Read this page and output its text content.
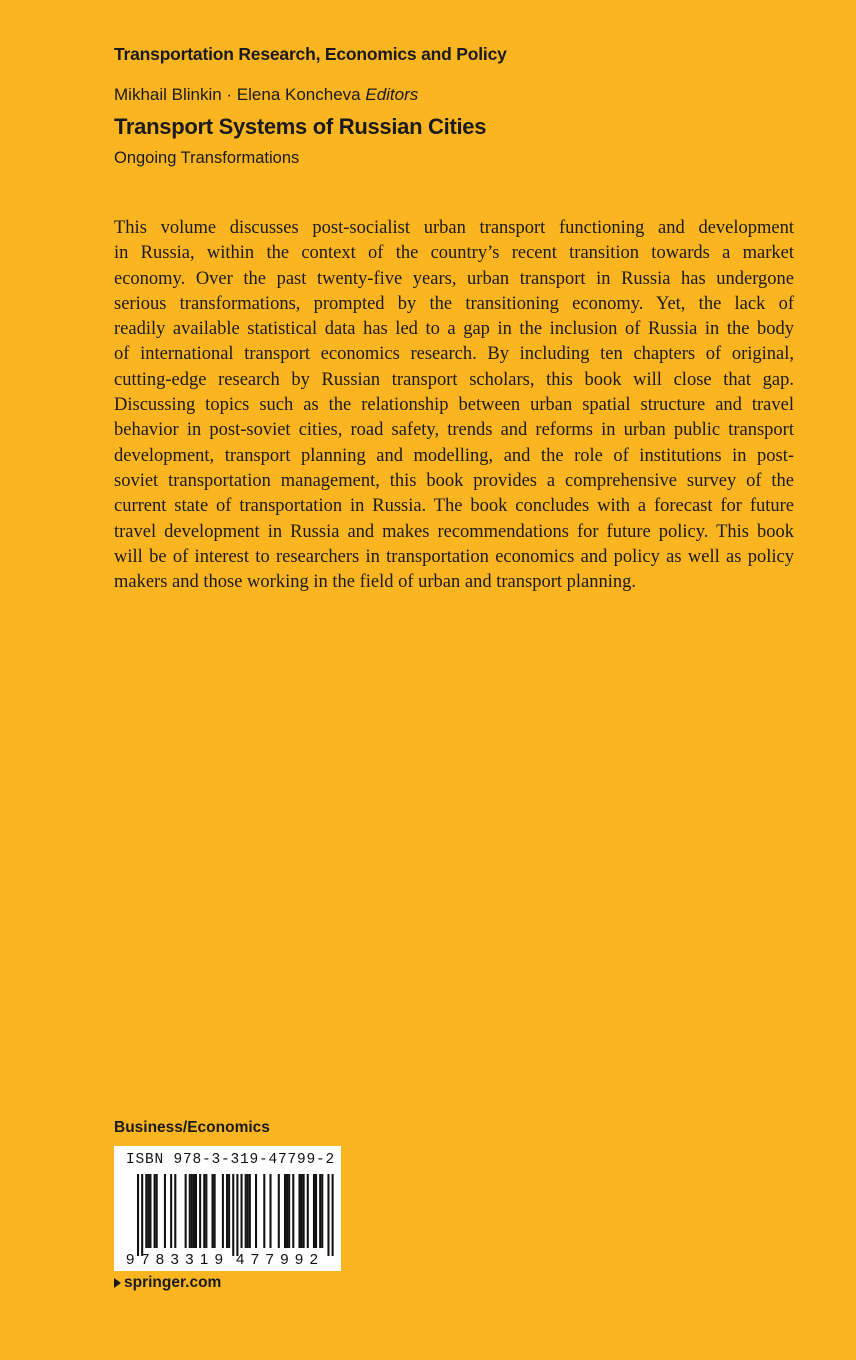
Transportation Research, Economics and Policy
Mikhail Blinkin · Elena Koncheva Editors
Transport Systems of Russian Cities
Ongoing Transformations
This volume discusses post-socialist urban transport functioning and development
in Russia, within the context of the country’s recent transition towards a market
economy. Over the past twenty-five years, urban transport in Russia has undergone
serious transformations, prompted by the transitioning economy. Yet, the lack of
readily available statistical data has led to a gap in the inclusion of Russia in the body
of international transport economics research. By including ten chapters of original,
cutting-edge research by Russian transport scholars, this book will close that gap.
Discussing topics such as the relationship between urban spatial structure and travel
behavior in post-soviet cities, road safety, trends and reforms in urban public transport
development, transport planning and modelling, and the role of institutions in post-
soviet transportation management, this book provides a comprehensive survey of the
current state of transportation in Russia. The book concludes with a forecast for future
travel development in Russia and makes recommendations for future policy. This book
will be of interest to researchers in transportation economics and policy as well as policy
makers and those working in the field of urban and transport planning.
Business/Economics
ISBN 978-3-319-47799-2
9 783319 477992
springer.com
